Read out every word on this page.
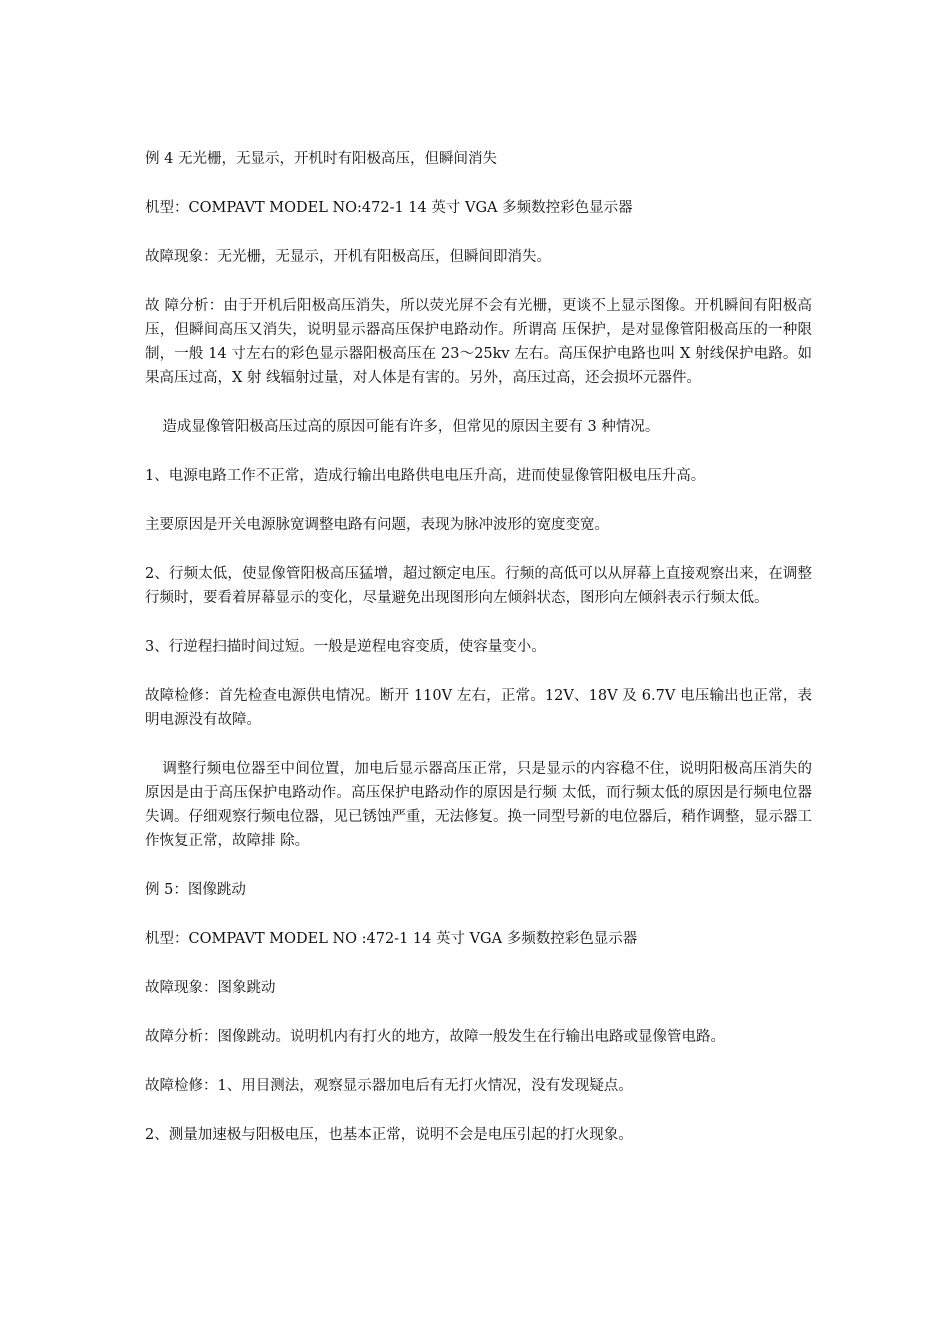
例 4 无光栅，无显示，开机时有阳极高压，但瞬间消失

机型：COMPAVT MODEL NO:472-1 14 英寸 VGA 多频数控彩色显示器

故障现象：无光栅，无显示，开机有阳极高压，但瞬间即消失。

故 障分析：由于开机后阳极高压消失，所以荧光屏不会有光栅，更谈不上显示图像。开机瞬间有阳极高压，但瞬间高压又消失，说明显示器高压保护电路动作。所谓高 压保护，是对显像管阳极高压的一种限制，一般 14 寸左右的彩色显示器阳极高压在 23～25kv 左右。高压保护电路也叫 X 射线保护电路。如果高压过高，X 射 线辐射过量，对人体是有害的。另外，高压过高，还会损坏元器件。

造成显像管阳极高压过高的原因可能有许多，但常见的原因主要有 3 种情况。

1、电源电路工作不正常，造成行输出电路供电电压升高，进而使显像管阳极电压升高。

主要原因是开关电源脉宽调整电路有问题，表现为脉冲波形的宽度变宽。

2、行频太低，使显像管阳极高压猛增，超过额定电压。行频的高低可以从屏幕上直接观察出来，在调整行频时，要看着屏幕显示的变化，尽量避免出现图形向左倾斜状态，图形向左倾斜表示行频太低。

3、行逆程扫描时间过短。一般是逆程电容变质，使容量变小。

故障检修：首先检查电源供电情况。断开 110V 左右，正常。12V、18V 及 6.7V 电压输出也正常，表明电源没有故障。

调整行频电位器至中间位置，加电后显示器高压正常，只是显示的内容稳不住，说明阳极高压消失的原因是由于高压保护电路动作。高压保护电路动作的原因是行频 太低，而行频太低的原因是行频电位器失调。仔细观察行频电位器，见已锈蚀严重，无法修复。换一同型号新的电位器后，稍作调整，显示器工作恢复正常，故障排 除。

例 5：图像跳动

机型：COMPAVT MODEL NO :472-1 14 英寸 VGA 多频数控彩色显示器

故障现象：图象跳动

故障分析：图像跳动。说明机内有打火的地方，故障一般发生在行输出电路或显像管电路。

故障检修：1、用目测法，观察显示器加电后有无打火情况，没有发现疑点。

2、测量加速极与阳极电压，也基本正常，说明不会是电压引起的打火现象。
